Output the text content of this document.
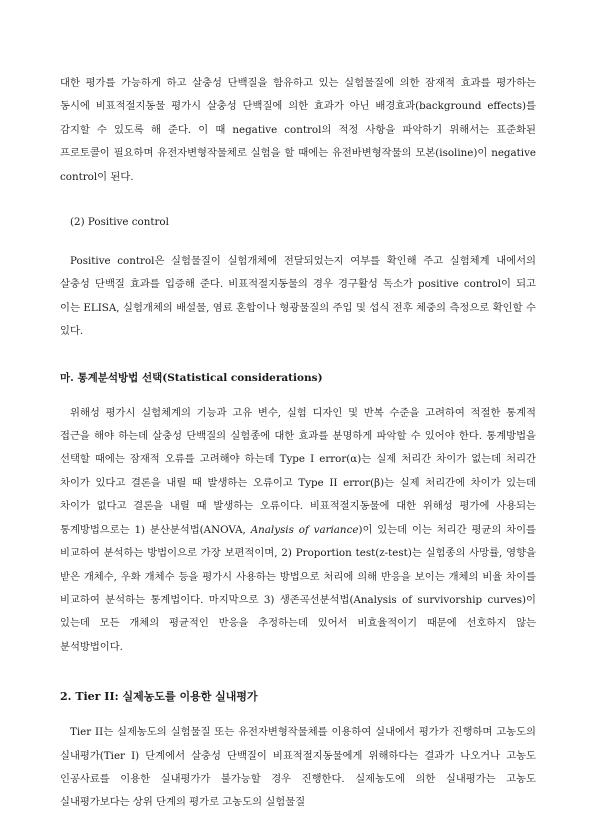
대한 평가를 가능하게 하고 살충성 단백질을 함유하고 있는 실험물질에 의한 잠재적 효과를 평가하는 동시에 비표적절지동물 평가시 살충성 단백질에 의한 효과가 아닌 배경효과(background effects)를 감지할 수 있도록 해 준다. 이 때 negative control의 적정 사항을 파악하기 위해서는 표준화된 프로토콜이 필요하며 유전자변형작물체로 실험을 할 때에는 유전바변형작물의 모본(isoline)이 negative control이 된다.

(2) Positive control

Positive control은 실험물질이 실험개체에 전달되었는지 여부를 확인해 주고 실험체계 내에서의 살충성 단백질 효과를 입증해 준다. 비표적절지동물의 경우 경구활성 독소가 positive control이 되고 이는 ELISA, 실험개체의 배설물, 염료 혼합이나 형광물질의 주입 및 섭식 전후 체중의 측정으로 확인할 수 있다.

마. 통계분석방법 선택(Statistical considerations)

위해성 평가시 실험체계의 기능과 고유 변수, 실험 디자인 및 반복 수준을 고려하여 적절한 통계적 접근을 해야 하는데 살충성 단백질의 실험종에 대한 효과를 분명하게 파악할 수 있어야 한다. 통계방법을 선택할 때에는 잠재적 오류를 고려해야 하는데 Type I error(α)는 실제 처리간 차이가 없는데 처리간 차이가 있다고 결론을 내릴 때 발생하는 오류이고 Type II error(β)는 실제 처리간에 차이가 있는데 차이가 없다고 결론을 내릴 때 발생하는 오류이다. 비표적절지동물에 대한 위해성 평가에 사용되는 통계방법으로는 1) 분산분석법(ANOVA, Analysis of variance)이 있는데 이는 처리간 평균의 차이를 비교하여 분석하는 방법이으로 가장 보편적이며, 2) Proportion test(z-test)는 실험종의 사망률, 영향을 받은 개체수, 우화 개체수 등을 평가시 사용하는 방법으로 처리에 의해 반응을 보이는 개체의 비율 차이를 비교하여 분석하는 통계법이다. 마지막으로 3) 생존곡선분석법(Analysis of survivorship curves)이 있는데 모든 개체의 평균적인 반응을 추정하는데 있어서 비효율적이기 때문에 선호하지 않는 분석방법이다.

2. Tier II: 실제농도를 이용한 실내평가

Tier II는 실제농도의 실험물질 또는 유전자변형작물체를 이용하여 실내에서 평가가 진행하며 고농도의 실내평가(Tier I) 단계에서 살충성 단백질이 비표적절지동물에게 위해하다는 결과가 나오거나 고농도 인공사료를 이용한 실내평가가 불가능할 경우 진행한다. 실제농도에 의한 실내평가는 고농도 실내평가보다는 상위 단계의 평가로 고농도의 실험물질
